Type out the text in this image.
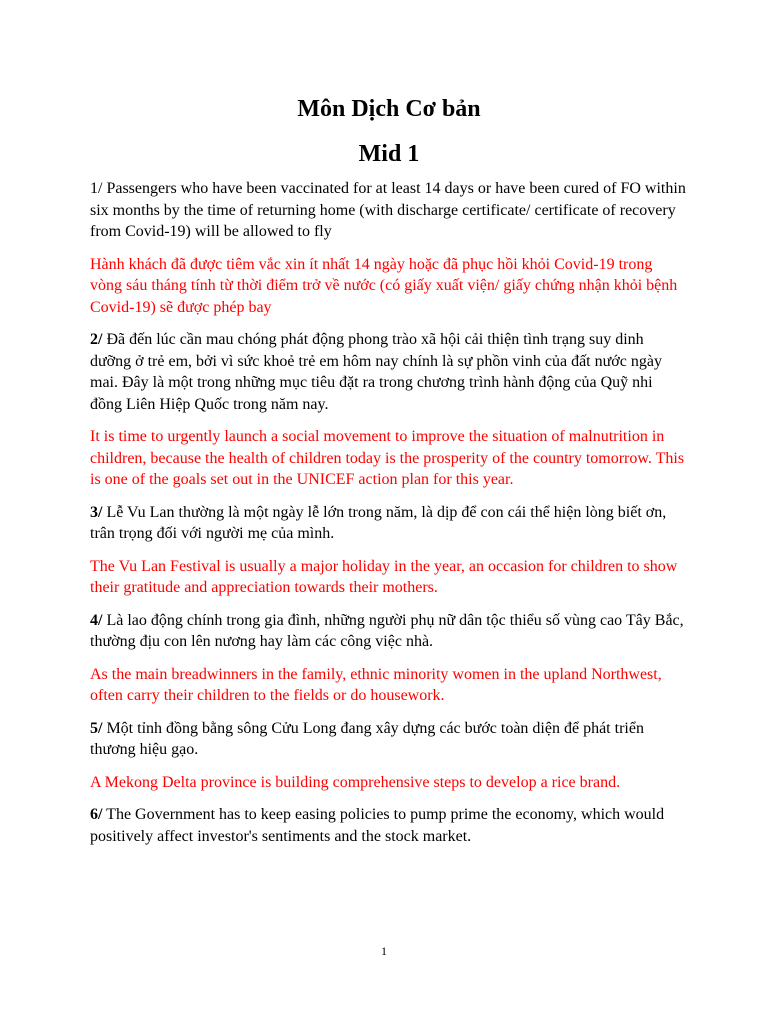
Môn Dịch Cơ bản
Mid 1

1/ Passengers who have been vaccinated for at least 14 days or have been cured of FO within six months by the time of returning home (with discharge certificate/ certificate of recovery from Covid-19) will be allowed to fly

Hành khách đã được tiêm vắc xin ít nhất 14 ngày hoặc đã phục hồi khỏi Covid-19 trong vòng sáu tháng tính từ thời điểm trở về nước (có giấy xuất viện/ giấy chứng nhận khỏi bệnh Covid-19) sẽ được phép bay

2/ Đã đến lúc cần mau chóng phát động phong trào xã hội cải thiện tình trạng suy dinh dưỡng ở trẻ em, bởi vì sức khoẻ trẻ em hôm nay chính là sự phồn vinh của đất nước ngày mai. Đây là một trong những mục tiêu đặt ra trong chương trình hành động của Quỹ nhi đồng Liên Hiệp Quốc trong năm nay.

It is time to urgently launch a social movement to improve the situation of malnutrition in children, because the health of children today is the prosperity of the country tomorrow. This is one of the goals set out in the UNICEF action plan for this year.

3/ Lễ Vu Lan thường là một ngày lễ lớn trong năm, là dịp để con cái thể hiện lòng biết ơn, trân trọng đối với người mẹ của mình.

The Vu Lan Festival is usually a major holiday in the year, an occasion for children to show their gratitude and appreciation towards their mothers.

4/ Là lao động chính trong gia đình, những người phụ nữ dân tộc thiểu số vùng cao Tây Bắc, thường địu con lên nương hay làm các công việc nhà.

As the main breadwinners in the family, ethnic minority women in the upland Northwest, often carry their children to the fields or do housework.

5/ Một tỉnh đồng bằng sông Cửu Long đang xây dựng các bước toàn diện để phát triển thương hiệu gạo.

A Mekong Delta province is building comprehensive steps to develop a rice brand.

6/ The Government has to keep easing policies to pump prime the economy, which would positively affect investor's sentiments and the stock market.

1
